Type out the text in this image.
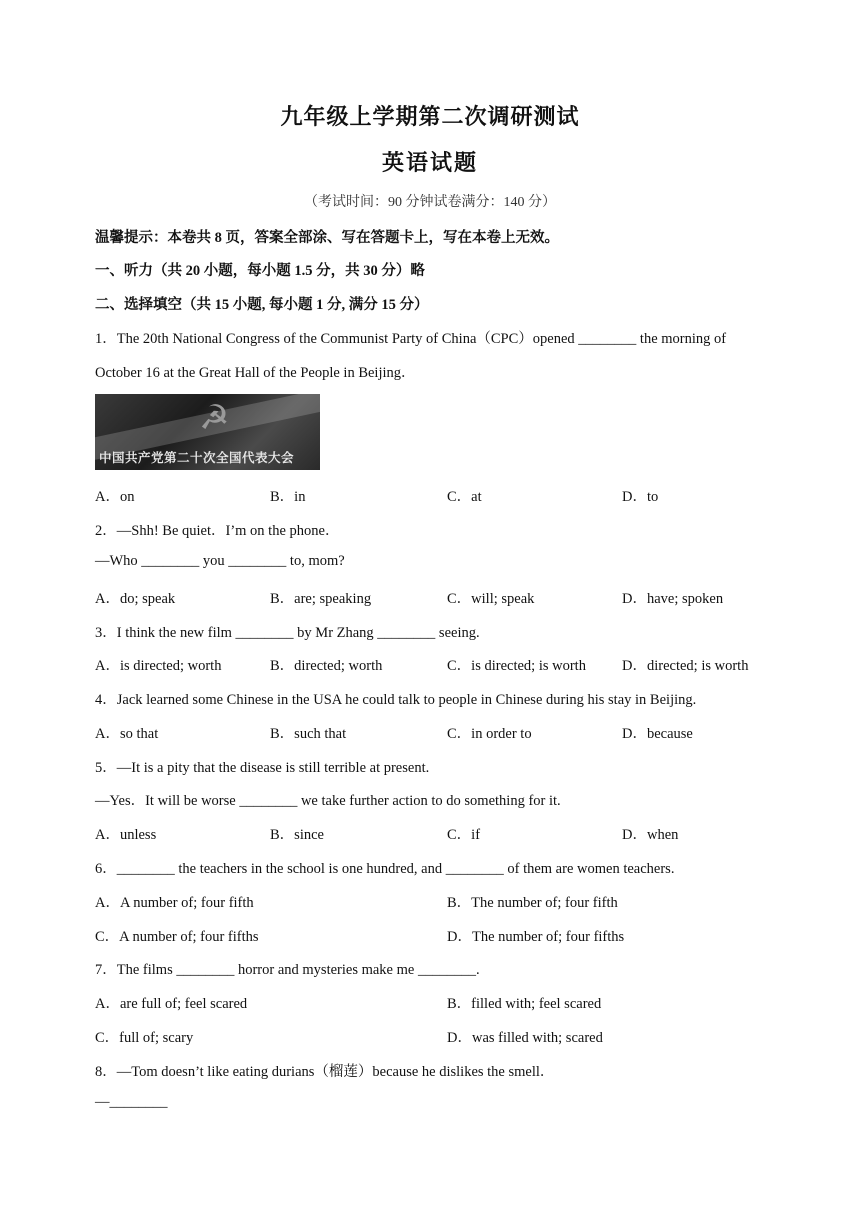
九年级上学期第二次调研测试
英语试题
（考试时间：90 分钟试卷满分：140 分）
温馨提示：本卷共 8 页，答案全部涂、写在答题卡上，写在本卷上无效。
一、听力（共 20 小题，每小题 1.5 分，共 30 分）略
二、选择填空（共 15 小题, 每小题 1 分, 满分 15 分）
1．The 20th National Congress of the Communist Party of China（CPC）opened ________ the morning of
October 16 at the Great Hall of the People in Beijing．
☭
中国共产党第二十次全国代表大会
A．on	B．in	C．at	D．to
2．—Shh! Be quiet．I’m on the phone．
—Who ________ you ________ to, mom?
A．do; speak	B．are; speaking	C．will; speak	D．have; spoken
3．I think the new film ________ by Mr Zhang ________ seeing.
A．is directed; worth	B．directed; worth	C．is directed; is worth D．directed; is worth
4．Jack learned some Chinese in the USA he could talk to people in Chinese during his stay in Beijing.
A．so that	B．such that	C．in order to	D．because
5．—It is a pity that the disease is still terrible at present.
—Yes．It will be worse ________ we take further action to do something for it.
A．unless	B．since	C．if	D．when
6．________ the teachers in the school is one hundred, and ________ of them are women teachers.
A．A number of; four fifth	B．The number of; four fifth
C．A number of; four fifths	D．The number of; four fifths
7．The films ________ horror and mysteries make me ________.
A．are full of; feel scared	B．filled with; feel scared
C．full of; scary	D．was filled with; scared
8．—Tom doesn’t like eating durians（榴莲）because he dislikes the smell．
—________
